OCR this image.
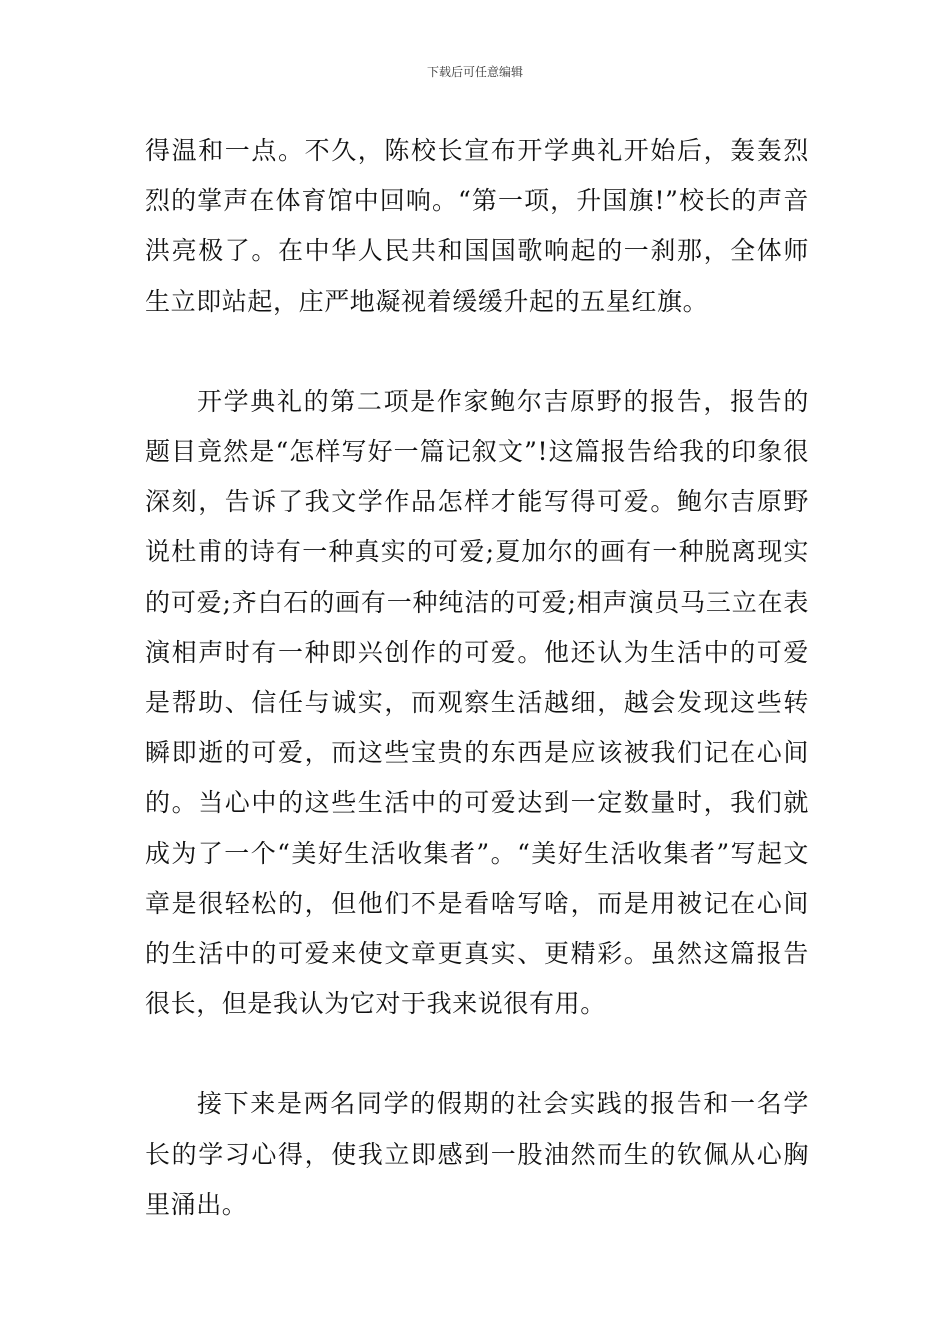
下载后可任意编辑

得温和一点。不久，陈校长宣布开学典礼开始后，轰轰烈烈的掌声在体育馆中回响。“第一项，升国旗!”校长的声音洪亮极了。在中华人民共和国国歌响起的一刹那，全体师生立即站起，庄严地凝视着缓缓升起的五星红旗。

开学典礼的第二项是作家鲍尔吉原野的报告，报告的题目竟然是“怎样写好一篇记叙文”!这篇报告给我的印象很深刻，告诉了我文学作品怎样才能写得可爱。鲍尔吉原野说杜甫的诗有一种真实的可爱;夏加尔的画有一种脱离现实的可爱;齐白石的画有一种纯洁的可爱;相声演员马三立在表演相声时有一种即兴创作的可爱。他还认为生活中的可爱是帮助、信任与诚实，而观察生活越细，越会发现这些转瞬即逝的可爱，而这些宝贵的东西是应该被我们记在心间的。当心中的这些生活中的可爱达到一定数量时，我们就成为了一个“美好生活收集者”。“美好生活收集者”写起文章是很轻松的，但他们不是看啥写啥，而是用被记在心间的生活中的可爱来使文章更真实、更精彩。虽然这篇报告很长，但是我认为它对于我来说很有用。

接下来是两名同学的假期的社会实践的报告和一名学长的学习心得，使我立即感到一股油然而生的钦佩从心胸里涌出。
